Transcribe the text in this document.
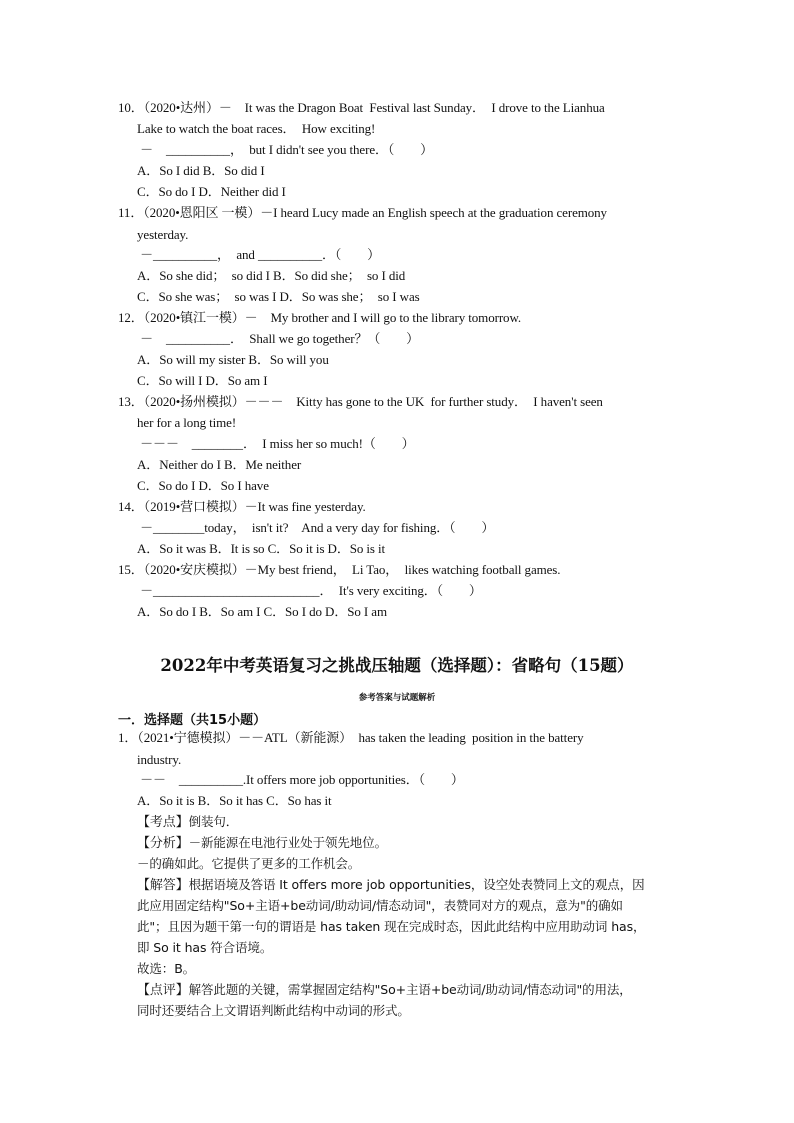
10．（2020•达州）－　It was the Dragon Boat  Festival last Sunday．　I drove to the Lianhua
Lake to watch the boat races．　How exciting!
－　__________，　but I didn't see you there．（　　）
A．So I did B．So did I
C．So do I D．Neither did I
11．（2020•恩阳区 一模）－I heard Lucy made an English speech at the graduation ceremony
yesterday.
－__________，　and __________．（　　）
A．So she did；　so did I B．So did she；　so I did
C．So she was；　so was I D．So was she；　so I was
12．（2020•镇江一模）－　My brother and I will go to the library tomorrow.
－　__________．　Shall we go together？（　　）
A．So will my sister B．So will you
C．So will I D．So am I
13．（2020•扬州模拟）－－－　Kitty has gone to the UK  for further study．　I haven't seen
her for a long time!
－－－　________．　I miss her so much!（　　）
A．Neither do I B．Me neither
C．So do I D．So I have
14．（2019•营口模拟）－It was fine yesterday.
－________today，　isn't it?　And a very day for fishing．（　　）
A．So it was B．It is so C．So it is D．So is it
15．（2020•安庆模拟）－My best friend，　Li Tao，　likes watching football games.
－__________________________．　It's very exciting．（　　）
A．So do I B．So am I C．So I do D．So I am
2022年中考英语复习之挑战压轴题（选择题）：省略句（15题）
参考答案与试题解析
一．选择题（共15小题）
1．（2021•宁德模拟）－－ATL（新能源）　has taken the leading  position in the battery
industry.
－－　__________.It offers more job opportunities．（　　）
A．So it is B．So it has C．So has it
【考点】倒装句．
【分析】－新能源在电池行业处于领先地位。
－的确如此。它提供了更多的工作机会。
【解答】根据语境及答语 It offers more job opportunities，设空处表赞同上文的观点，因
此应用固定结构"So+主语+be动词/助动词/情态动词"，表赞同对方的观点，意为"的确如
此"；且因为题干第一句的谓语是 has taken 现在完成时态，因此此结构中应用助动词 has，
即 So it has 符合语境。
故选：B。
【点评】解答此题的关键，需掌握固定结构"So+主语+be动词/助动词/情态动词"的用法，
同时还要结合上文谓语判断此结构中动词的形式。
